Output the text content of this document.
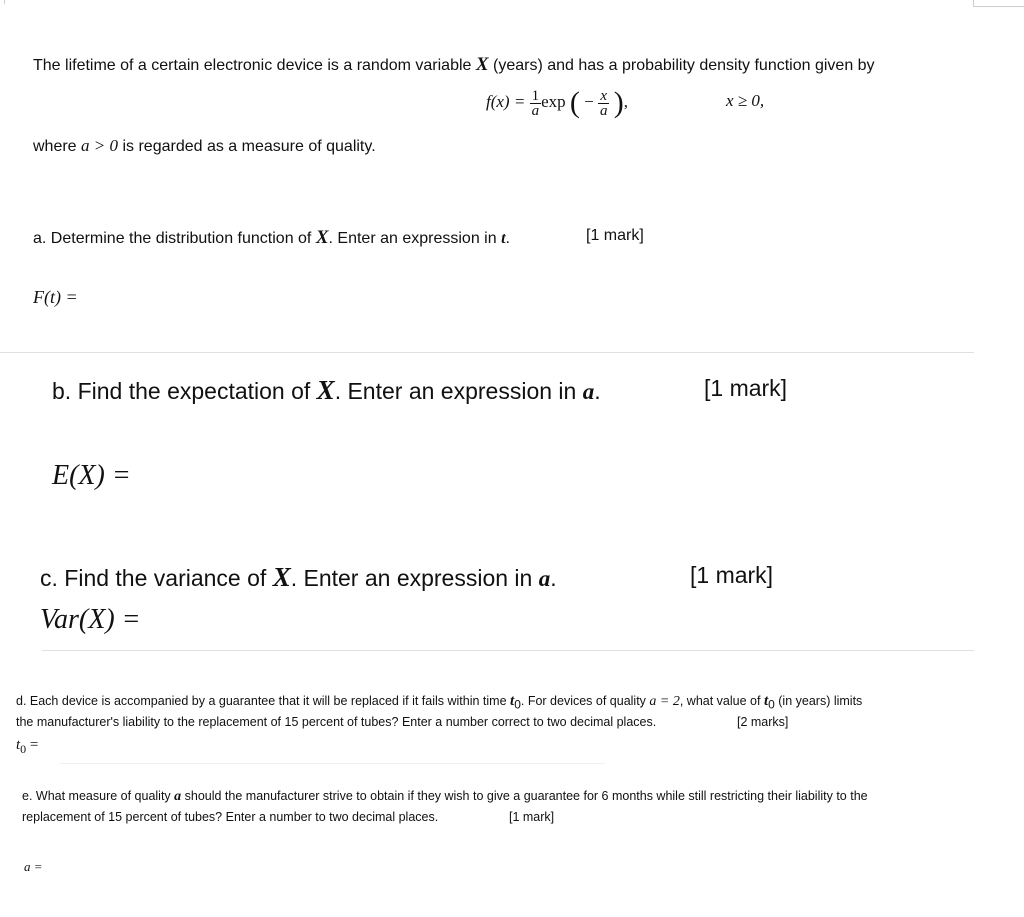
The lifetime of a certain electronic device is a random variable X (years) and has a probability density function given by
$f(x) = \frac{1}{a}$ exp ( − $\frac{x}{a}$ ),	x ≥ 0,
where a > 0 is regarded as a measure of quality.
a. Determine the distribution function of X. Enter an expression in t.	[1 mark]
F(t) =
b. Find the expectation of X. Enter an expression in a.	[1 mark]
E(X) =
c. Find the variance of X. Enter an expression in a.	[1 mark]
Var(X) =
d. Each device is accompanied by a guarantee that it will be replaced if it fails within time $t_0$. For devices of quality a = 2, what value of $t_0$ (in years) limits
the manufacturer's liability to the replacement of 15 percent of tubes? Enter a number correct to two decimal places.	[2 marks]
$t_0$ =
e. What measure of quality a should the manufacturer strive to obtain if they wish to give a guarantee for 6 months while still restricting their liability to the
replacement of 15 percent of tubes? Enter a number to two decimal places.	[1 mark]
a =
